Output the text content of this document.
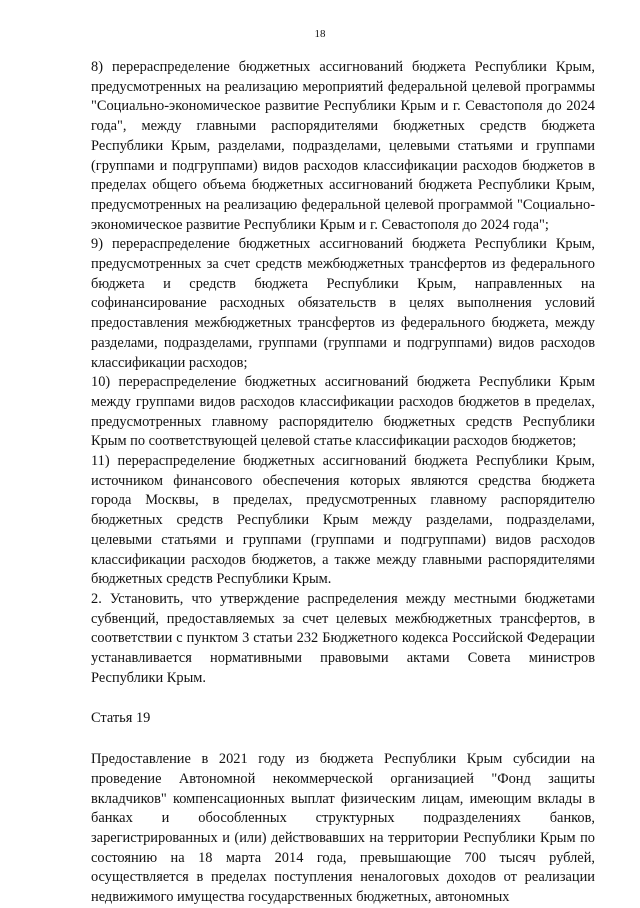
18

8) перераспределение бюджетных ассигнований бюджета Республики Крым, предусмотренных на реализацию мероприятий федеральной целевой программы "Социально-экономическое развитие Республики Крым и г. Севастополя до 2024 года", между главными распорядителями бюджетных средств бюджета Республики Крым, разделами, подразделами, целевыми статьями и группами (группами и подгруппами) видов расходов классификации расходов бюджетов в пределах общего объема бюджетных ассигнований бюджета Республики Крым, предусмотренных на реализацию федеральной целевой программой "Социально-экономическое развитие Республики Крым и г. Севастополя до 2024 года";

9) перераспределение бюджетных ассигнований бюджета Республики Крым, предусмотренных за счет средств межбюджетных трансфертов из федерального бюджета и средств бюджета Республики Крым, направленных на софинансирование расходных обязательств в целях выполнения условий предоставления межбюджетных трансфертов из федерального бюджета, между разделами, подразделами, группами (группами и подгруппами) видов расходов классификации расходов;

10) перераспределение бюджетных ассигнований бюджета Республики Крым между группами видов расходов классификации расходов бюджетов в пределах, предусмотренных главному распорядителю бюджетных средств Республики Крым по соответствующей целевой статье классификации расходов бюджетов;

11) перераспределение бюджетных ассигнований бюджета Республики Крым, источником финансового обеспечения которых являются средства бюджета города Москвы, в пределах, предусмотренных главному распорядителю бюджетных средств Республики Крым между разделами, подразделами, целевыми статьями и группами (группами и подгруппами) видов расходов классификации расходов бюджетов, а также между главными распорядителями бюджетных средств Республики Крым.

2. Установить, что утверждение распределения между местными бюджетами субвенций, предоставляемых за счет целевых межбюджетных трансфертов, в соответствии с пунктом 3 статьи 232 Бюджетного кодекса Российской Федерации устанавливается нормативными правовыми актами Совета министров Республики Крым.

Статья 19

Предоставление в 2021 году из бюджета Республики Крым субсидии на проведение Автономной некоммерческой организацией "Фонд защиты вкладчиков" компенсационных выплат физическим лицам, имеющим вклады в банках и обособленных структурных подразделениях банков, зарегистрированных и (или) действовавших на территории Республики Крым по состоянию на 18 марта 2014 года, превышающие 700 тысяч рублей, осуществляется в пределах поступления неналоговых доходов от реализации недвижимого имущества государственных бюджетных, автономных
